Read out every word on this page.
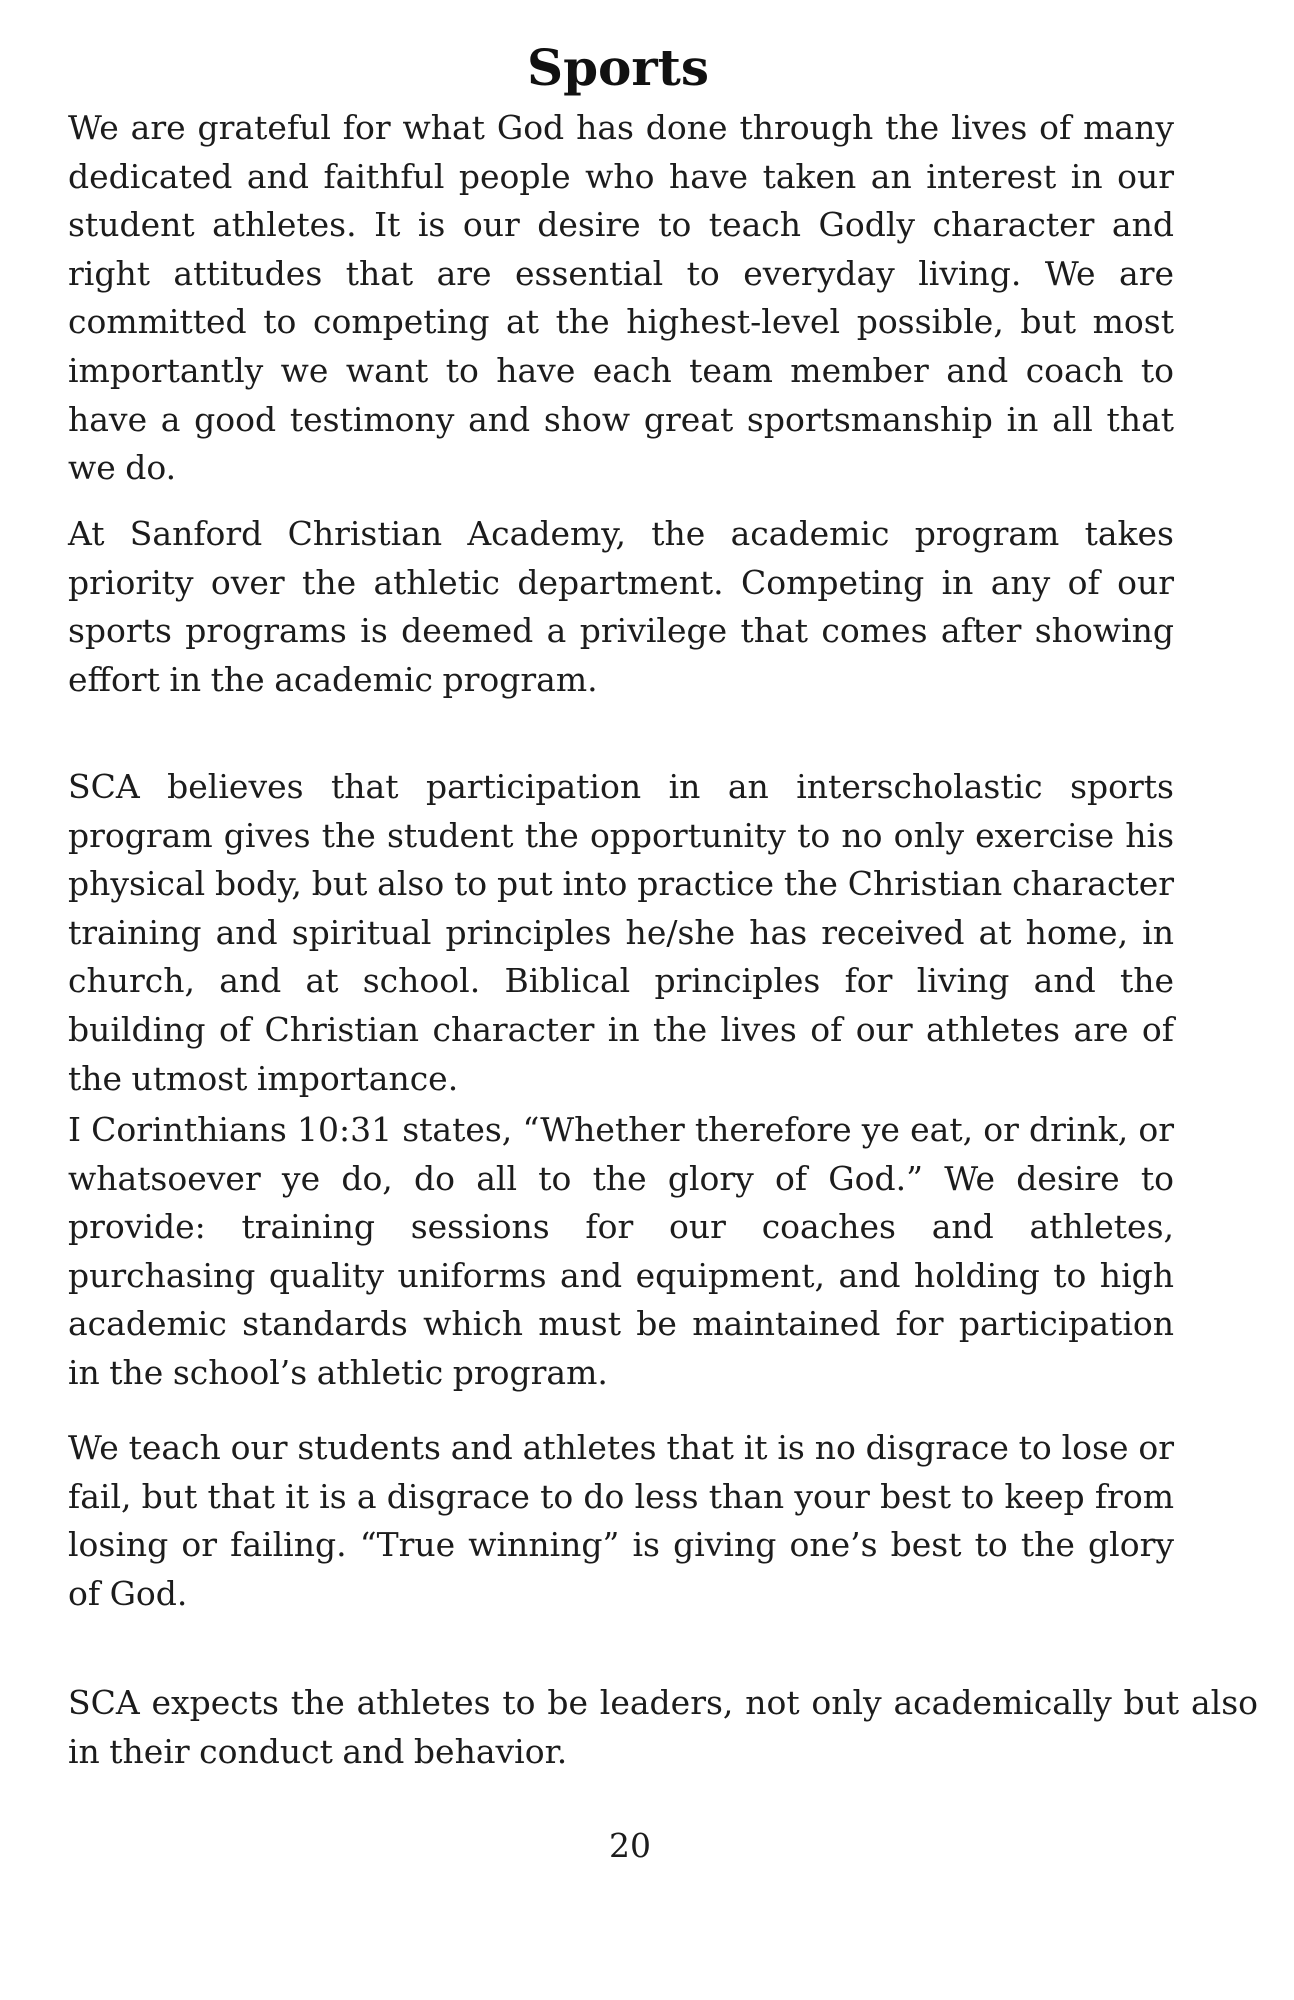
Sports

We are grateful for what God has done through the lives of many dedicated and faithful people who have taken an interest in our student athletes. It is our desire to teach Godly character and right attitudes that are essential to everyday living. We are committed to competing at the highest-level possible, but most importantly we want to have each team member and coach to have a good testimony and show great sportsmanship in all that we do.

At Sanford Christian Academy, the academic program takes priority over the athletic department. Competing in any of our sports programs is deemed a privilege that comes after showing effort in the academic program.

SCA believes that participation in an interscholastic sports program gives the student the opportunity to no only exercise his physical body, but also to put into practice the Christian character training and spiritual principles he/she has received at home, in church, and at school. Biblical principles for living and the building of Christian character in the lives of our athletes are of the utmost importance.

I Corinthians 10:31 states, “Whether therefore ye eat, or drink, or whatsoever ye do, do all to the glory of God.” We desire to provide: training sessions for our coaches and athletes, purchasing quality uniforms and equipment, and holding to high academic standards which must be maintained for participation in the school’s athletic program.

We teach our students and athletes that it is no disgrace to lose or fail, but that it is a disgrace to do less than your best to keep from losing or failing. “True winning” is giving one’s best to the glory of God.

SCA expects the athletes to be leaders, not only academically but also in their conduct and behavior.

20
